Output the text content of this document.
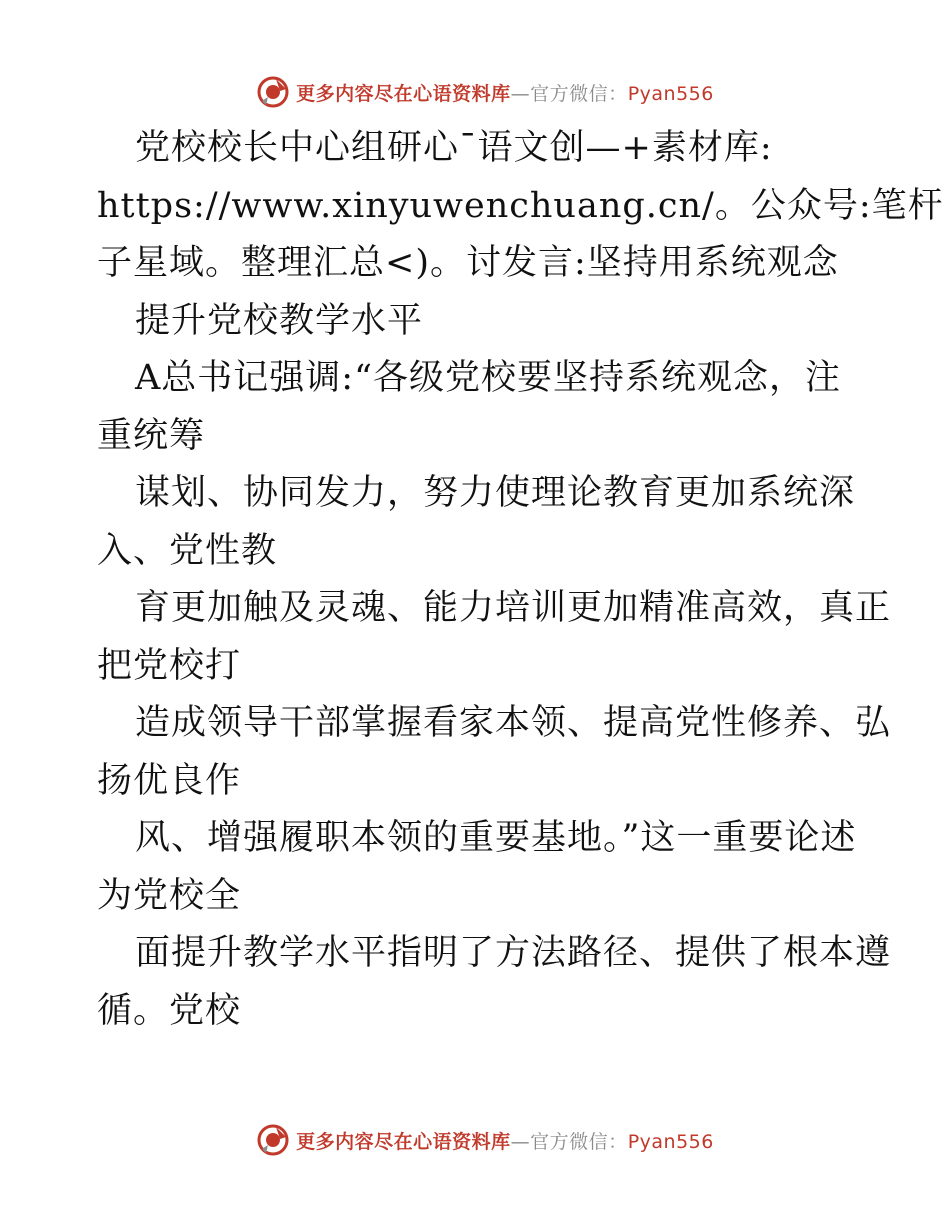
更多内容尽在心语资料库—官方微信：Pyan556
党校校长中心组研心¯语文创—+素材库:
https://www.xinyuwenchuang.cn/。公众号:笔杆
子星域。整理汇总<)。讨发言:坚持用系统观念
提升党校教学水平
A总书记强调:“各级党校要坚持系统观念，注
重统筹
谋划、协同发力，努力使理论教育更加系统深
入、党性教
育更加触及灵魂、能力培训更加精准高效，真正
把党校打
造成领导干部掌握看家本领、提高党性修养、弘
扬优良作
风、增强履职本领的重要基地。”这一重要论述
为党校全
面提升教学水平指明了方法路径、提供了根本遵
循。党校
更多内容尽在心语资料库—官方微信：Pyan556
